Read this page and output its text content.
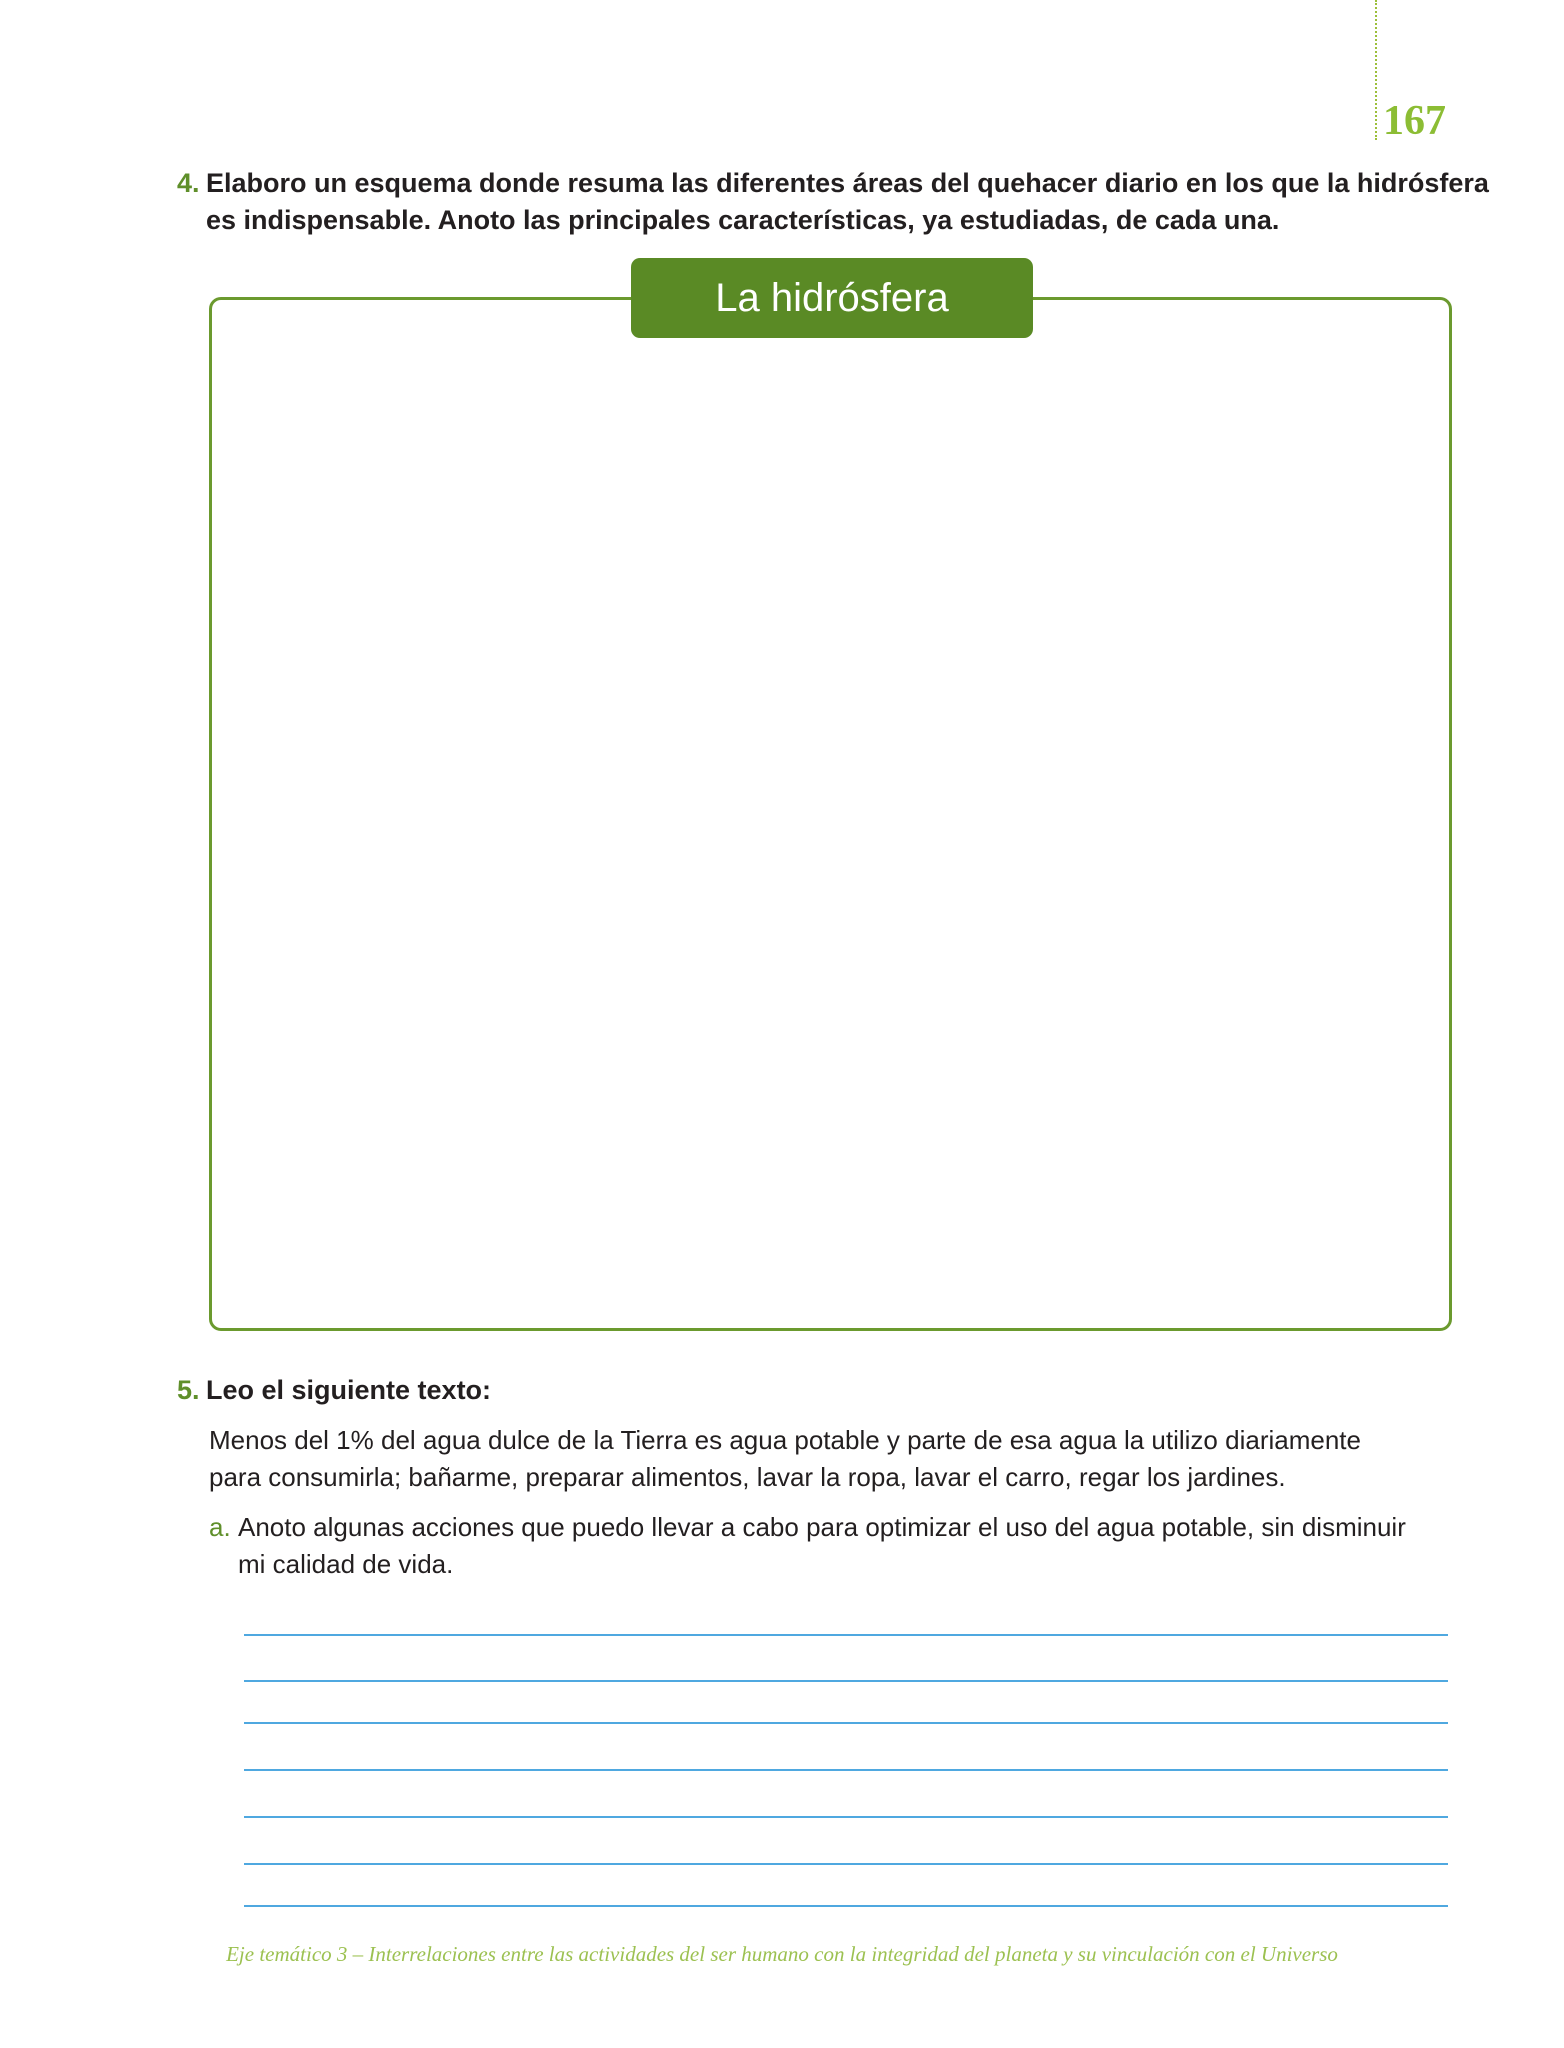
167
4. Elaboro un esquema donde resuma las diferentes áreas del quehacer diario en los que la hidrósfera
es indispensable. Anoto las principales características, ya estudiadas, de cada una.
La hidrósfera
5. Leo el siguiente texto:
Menos del 1% del agua dulce de la Tierra es agua potable y parte de esa agua la utilizo diariamente
para consumirla; bañarme, preparar alimentos, lavar la ropa, lavar el carro, regar los jardines.
a. Anoto algunas acciones que puedo llevar a cabo para optimizar el uso del agua potable, sin disminuir
mi calidad de vida.
Eje temático 3 – Interrelaciones entre las actividades del ser humano con la integridad del planeta y su vinculación con el Universo
